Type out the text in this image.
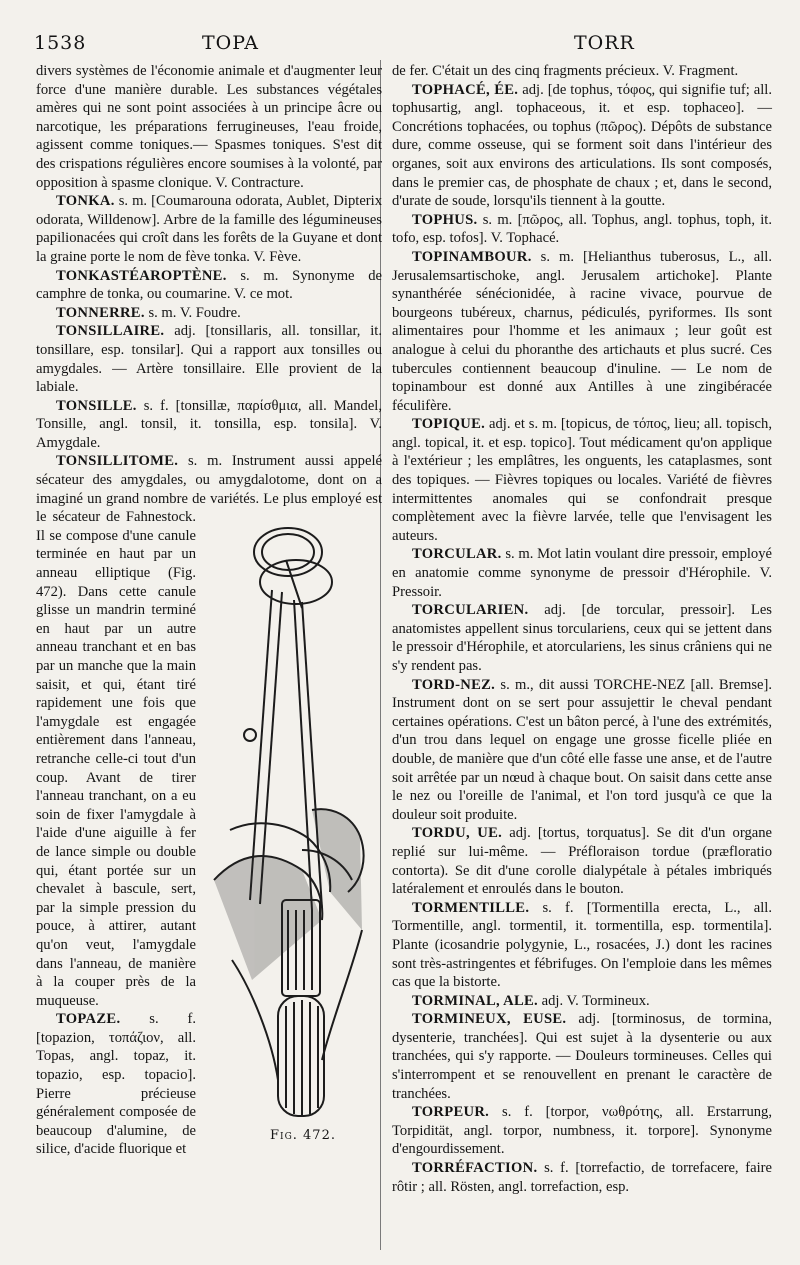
1538	TOPA	TORR

divers systèmes de l'économie animale et d'augmenter leur force d'une manière durable. Les substances végétales amères qui ne sont point associées à un principe âcre ou narcotique, les préparations ferrugineuses, l'eau froide, agissent comme toniques.— Spasmes toniques. S'est dit des crispations régulières encore soumises à la volonté, par opposition à spasme clonique. V. Contracture.

TONKA. s. m. [Coumarouna odorata, Aublet, Dipterix odorata, Willdenow]. Arbre de la famille des légumineuses papilionacées qui croît dans les forêts de la Guyane et dont la graine porte le nom de fève tonka. V. Fève.

TONKASTÉAROPTÈNE. s. m. Synonyme de camphre de tonka, ou coumarine. V. ce mot.

TONNERRE. s. m. V. Foudre.

TONSILLAIRE. adj. [tonsillaris, all. tonsillar, it. tonsillare, esp. tonsilar]. Qui a rapport aux tonsilles ou amygdales. — Artère tonsillaire. Elle provient de la labiale.

TONSILLE. s. f. [tonsillæ, παρίσθμια, all. Mandel, Tonsille, angl. tonsil, it. tonsilla, esp. tonsila]. V. Amygdale.

TONSILLITOME. s. m. Instrument aussi appelé sécateur des amygdales, ou amygdalotome, dont on a imaginé un grand nombre de variétés. Le plus employé est le sécateur de Fahnestock. Il se compose d'une canule terminée en haut par un anneau elliptique (Fig. 472). Dans cette canule glisse un mandrin terminé en haut par un autre anneau tranchant et en bas par un manche que la main saisit, et qui, étant tiré rapidement une fois que l'amygdale est engagée entièrement dans l'anneau, retranche celle-ci tout d'un coup. Avant de tirer l'anneau tranchant, on a eu soin de fixer l'amygdale à l'aide d'une aiguille à fer de lance simple ou double qui, étant portée sur un chevalet à bascule, sert, par la simple pression du pouce, à attirer, autant qu'on veut, l'amygdale dans l'anneau, de manière à la couper près de la muqueuse.

TOPAZE. s. f. [topazion, τοπάζιον, all. Topas, angl. topaz, it. topazio, esp. topacio]. Pierre précieuse généralement composée de beaucoup d'alumine, de silice, d'acide fluorique et

Fig. 472.

de fer. C'était un des cinq fragments précieux. V. Fragment.

TOPHACÉ, ÉE. adj. [de tophus, τόφος, qui signifie tuf; all. tophusartig, angl. tophaceous, it. et esp. tophaceo]. — Concrétions tophacées, ou tophus (πῶρος). Dépôts de substance dure, comme osseuse, qui se forment soit dans l'intérieur des organes, soit aux environs des articulations. Ils sont composés, dans le premier cas, de phosphate de chaux ; et, dans le second, d'urate de soude, lorsqu'ils tiennent à la goutte.

TOPHUS. s. m. [πῶρος, all. Tophus, angl. tophus, toph, it. tofo, esp. tofos]. V. Tophacé.

TOPINAMBOUR. s. m. [Helianthus tuberosus, L., all. Jerusalemsartischoke, angl. Jerusalem artichoke]. Plante synanthérée sénécionidée, à racine vivace, pourvue de bourgeons tubéreux, charnus, pédiculés, pyriformes. Ils sont alimentaires pour l'homme et les animaux ; leur goût est analogue à celui du phoranthe des artichauts et plus sucré. Ces tubercules contiennent beaucoup d'inuline. — Le nom de topinambour est donné aux Antilles à une zingibéracée féculifère.

TOPIQUE. adj. et s. m. [topicus, de τόπος, lieu; all. topisch, angl. topical, it. et esp. topico]. Tout médicament qu'on applique à l'extérieur ; les emplâtres, les onguents, les cataplasmes, sont des topiques. — Fièvres topiques ou locales. Variété de fièvres intermittentes anomales qui se confondrait presque complètement avec la fièvre larvée, telle que l'envisagent les auteurs.

TORCULAR. s. m. Mot latin voulant dire pressoir, employé en anatomie comme synonyme de pressoir d'Hérophile. V. Pressoir.

TORCULARIEN. adj. [de torcular, pressoir]. Les anatomistes appellent sinus torculariens, ceux qui se jettent dans le pressoir d'Hérophile, et atorculariens, les sinus crâniens qui ne s'y rendent pas.

TORD-NEZ. s. m., dit aussi TORCHE-NEZ [all. Bremse]. Instrument dont on se sert pour assujettir le cheval pendant certaines opérations. C'est un bâton percé, à l'une des extrémités, d'un trou dans lequel on engage une grosse ficelle pliée en double, de manière que d'un côté elle fasse une anse, et de l'autre soit arrêtée par un nœud à chaque bout. On saisit dans cette anse le nez ou l'oreille de l'animal, et l'on tord jusqu'à ce que la douleur soit produite.

TORDU, UE. adj. [tortus, torquatus]. Se dit d'un organe replié sur lui-même. — Préfloraison tordue (præfloratio contorta). Se dit d'une corolle dialypétale à pétales imbriqués latéralement et enroulés dans le bouton.

TORMENTILLE. s. f. [Tormentilla erecta, L., all. Tormentille, angl. tormentil, it. tormentilla, esp. tormentila]. Plante (icosandrie polygynie, L., rosacées, J.) dont les racines sont très-astringentes et fébrifuges. On l'emploie dans les mêmes cas que la bistorte.

TORMINAL, ALE. adj. V. Tormineux.

TORMINEUX, EUSE. adj. [torminosus, de tormina, dysenterie, tranchées]. Qui est sujet à la dysenterie ou aux tranchées, qui s'y rapporte. — Douleurs tormineuses. Celles qui s'interrompent et se renouvellent en prenant le caractère de tranchées.

TORPEUR. s. f. [torpor, νωθρότης, all. Erstarrung, Torpidität, angl. torpor, numbness, it. torpore]. Synonyme d'engourdissement.

TORRÉFACTION. s. f. [torrefactio, de torrefacere, faire rôtir ; all. Rösten, angl. torrefaction, esp.
